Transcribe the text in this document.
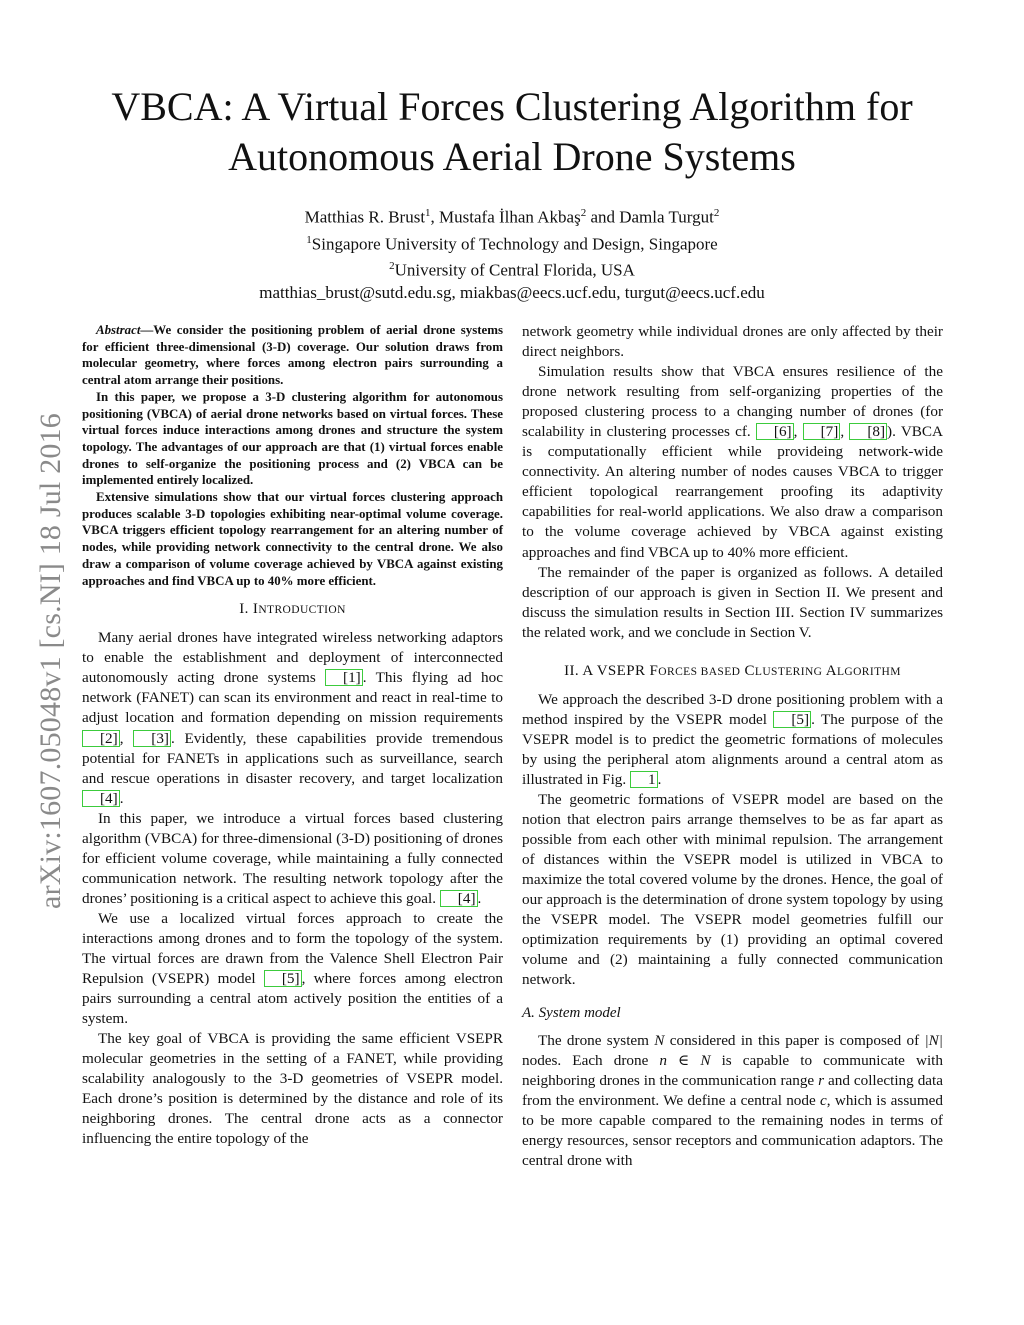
arXiv:1607.05048v1 [cs.NI] 18 Jul 2016
VBCA: A Virtual Forces Clustering Algorithm for
Autonomous Aerial Drone Systems
Matthias R. Brust$^1$, Mustafa İlhan Akbaş$^2$ and Damla Turgut$^2$
$^1$Singapore University of Technology and Design, Singapore
$^2$University of Central Florida, USA
matthias_brust@sutd.edu.sg, miakbas@eecs.ucf.edu, turgut@eecs.ucf.edu

Abstract—We consider the positioning problem of aerial drone systems for efficient three-dimensional (3-D) coverage. Our solution draws from molecular geometry, where forces among electron pairs surrounding a central atom arrange their positions.

In this paper, we propose a 3-D clustering algorithm for autonomous positioning (VBCA) of aerial drone networks based on virtual forces. These virtual forces induce interactions among drones and structure the system topology. The advantages of our approach are that (1) virtual forces enable drones to self-organize the positioning process and (2) VBCA can be implemented entirely localized.

Extensive simulations show that our virtual forces clustering approach produces scalable 3-D topologies exhibiting near-optimal volume coverage. VBCA triggers efficient topology rearrangement for an altering number of nodes, while providing network connectivity to the central drone. We also draw a comparison of volume coverage achieved by VBCA against existing approaches and find VBCA up to 40% more efficient.

I. INTRODUCTION

Many aerial drones have integrated wireless networking adaptors to enable the establishment and deployment of interconnected autonomously acting drone systems [1] . This flying ad hoc network (FANET) can scan its environment and react in real-time to adjust location and formation depending on mission requirements [2] , [3] . Evidently, these capabilities provide tremendous potential for FANETs in applications such as surveillance, search and rescue operations in disaster recovery, and target localization [4] .

In this paper, we introduce a virtual forces based clustering algorithm (VBCA) for three-dimensional (3-D) positioning of drones for efficient volume coverage, while maintaining a fully connected communication network. The resulting network topology after the drones’ positioning is a critical aspect to achieve this goal. [4] .

We use a localized virtual forces approach to create the interactions among drones and to form the topology of the system. The virtual forces are drawn from the Valence Shell Electron Pair Repulsion (VSEPR) model [5] , where forces among electron pairs surrounding a central atom actively position the entities of a system.

The key goal of VBCA is providing the same efficient VSEPR molecular geometries in the setting of a FANET, while providing scalability analogously to the 3-D geometries of VSEPR model. Each drone’s position is determined by the distance and role of its neighboring drones. The central drone acts as a connector influencing the entire topology of the

network geometry while individual drones are only affected by their direct neighbors.

Simulation results show that VBCA ensures resilience of the drone network resulting from self-organizing properties of the proposed clustering process to a changing number of drones (for scalability in clustering processes cf. [6] , [7] , [8] ). VBCA is computationally efficient while provideing network-wide connectivity. An altering number of nodes causes VBCA to trigger efficient topological rearrangement proofing its adaptivity capabilities for real-world applications. We also draw a comparison to the volume coverage achieved by VBCA against existing approaches and find VBCA up to 40% more efficient.

The remainder of the paper is organized as follows. A detailed description of our approach is given in Section II. We present and discuss the simulation results in Section III. Section IV summarizes the related work, and we conclude in Section V.

II. A VSEPR FORCES BASED CLUSTERING ALGORITHM

We approach the described 3-D drone positioning problem with a method inspired by the VSEPR model [5] . The purpose of the VSEPR model is to predict the geometric formations of molecules by using the peripheral atom alignments around a central atom as illustrated in Fig. 1 .

The geometric formations of VSEPR model are based on the notion that electron pairs arrange themselves to be as far apart as possible from each other with minimal repulsion. The arrangement of distances within the VSEPR model is utilized in VBCA to maximize the total covered volume by the drones. Hence, the goal of our approach is the determination of drone system topology by using the VSEPR model. The VSEPR model geometries fulfill our optimization requirements by (1) providing an optimal covered volume and (2) maintaining a fully connected communication network.

A. System model

The drone system N considered in this paper is composed of |N| nodes. Each drone n ∈ N is capable to communicate with neighboring drones in the communication range r and collecting data from the environment. We define a central node c, which is assumed to be more capable compared to the remaining nodes in terms of energy resources, sensor receptors and communication adaptors. The central drone with
